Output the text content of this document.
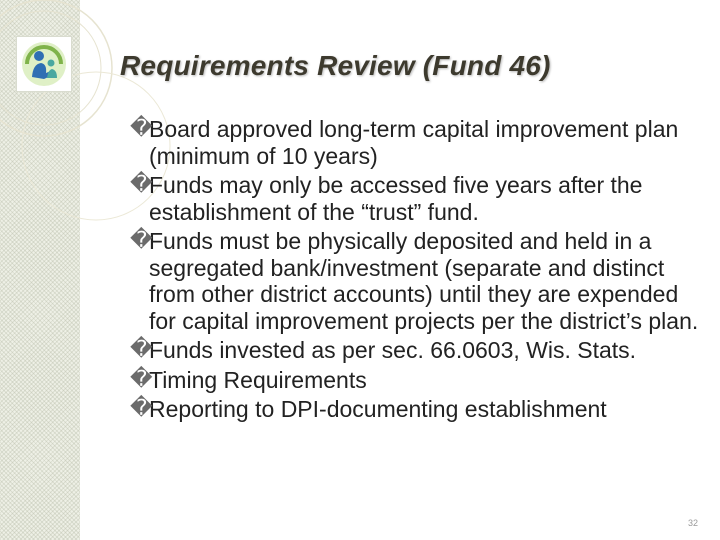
Requirements Review (Fund 46)
�
Board approved long-term capital improvement plan (minimum of 10 years)
�
Funds may only be accessed five years after the establishment of the “trust” fund.
�
Funds must be physically deposited and held in a segregated bank/investment (separate and distinct from other district accounts) until they are expended for capital improvement projects per the district’s plan.
�
Funds invested as per sec. 66.0603, Wis. Stats.
�
Timing Requirements
�
Reporting to DPI-documenting establishment
32
